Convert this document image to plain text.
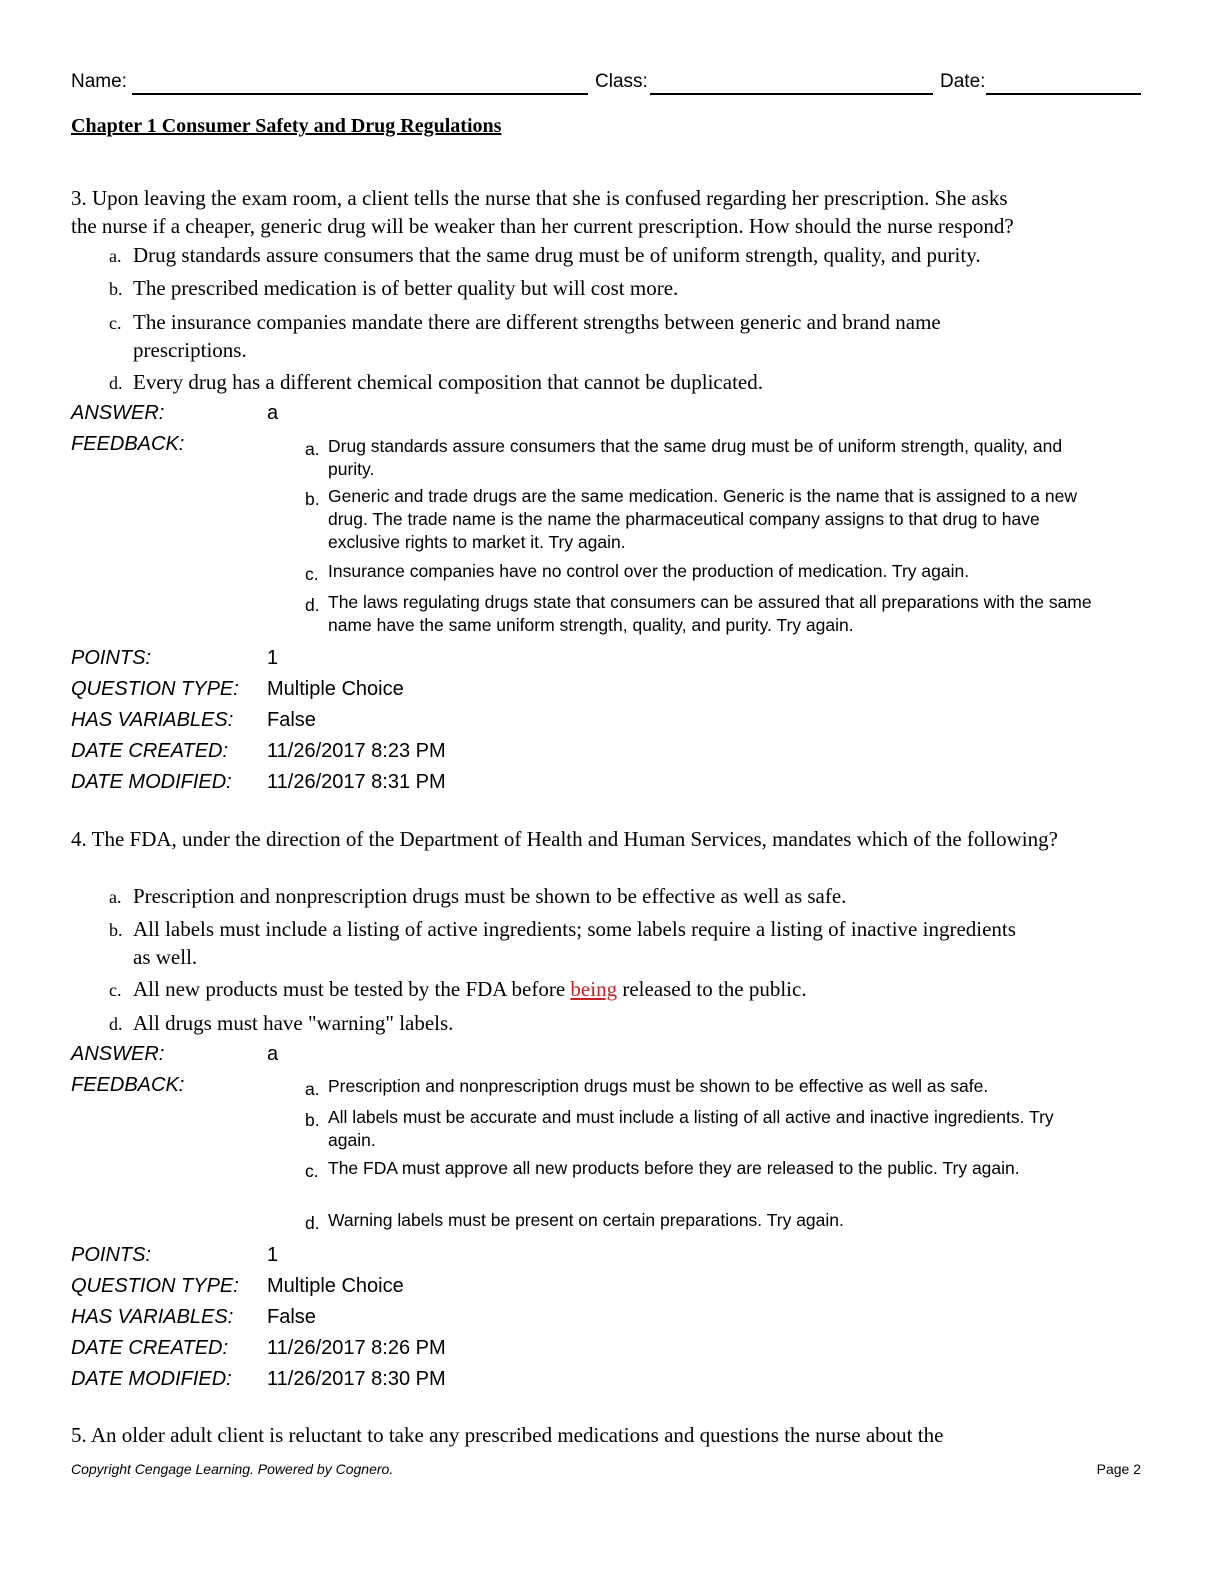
Name:	Class:	Date:
Chapter 1 Consumer Safety and Drug Regulations
3. Upon leaving the exam room, a client tells the nurse that she is confused regarding her prescription. She asks
the nurse if a cheaper, generic drug will be weaker than her current prescription. How should the nurse respond?
a. Drug standards assure consumers that the same drug must be of uniform strength, quality, and purity.
b. The prescribed medication is of better quality but will cost more.
c. The insurance companies mandate there are different strengths between generic and brand name prescriptions.
d. Every drug has a different chemical composition that cannot be duplicated.
ANSWER:	a
FEEDBACK:	a. Drug standards assure consumers that the same drug must be of uniform strength, quality, and purity.
b. Generic and trade drugs are the same medication. Generic is the name that is assigned to a new drug. The trade name is the name the pharmaceutical company assigns to that drug to have exclusive rights to market it. Try again.
c. Insurance companies have no control over the production of medication. Try again.
d. The laws regulating drugs state that consumers can be assured that all preparations with the same name have the same uniform strength, quality, and purity. Try again.
POINTS:	1
QUESTION TYPE: Multiple Choice
HAS VARIABLES: False
DATE CREATED: 11/26/2017 8:23 PM
DATE MODIFIED: 11/26/2017 8:31 PM
4. The FDA, under the direction of the Department of Health and Human Services, mandates which of the following?
a. Prescription and nonprescription drugs must be shown to be effective as well as safe.
b. All labels must include a listing of active ingredients; some labels require a listing of inactive ingredients as well.
c. All new products must be tested by the FDA before being released to the public.
d. All drugs must have "warning" labels.
ANSWER:	a
FEEDBACK:	a. Prescription and nonprescription drugs must be shown to be effective as well as safe.
b. All labels must be accurate and must include a listing of all active and inactive ingredients. Try again.
c. The FDA must approve all new products before they are released to the public. Try again.
d. Warning labels must be present on certain preparations. Try again.
POINTS:	1
QUESTION TYPE: Multiple Choice
HAS VARIABLES: False
DATE CREATED: 11/26/2017 8:26 PM
DATE MODIFIED: 11/26/2017 8:30 PM
5. An older adult client is reluctant to take any prescribed medications and questions the nurse about the
Copyright Cengage Learning. Powered by Cognero.	Page 2
